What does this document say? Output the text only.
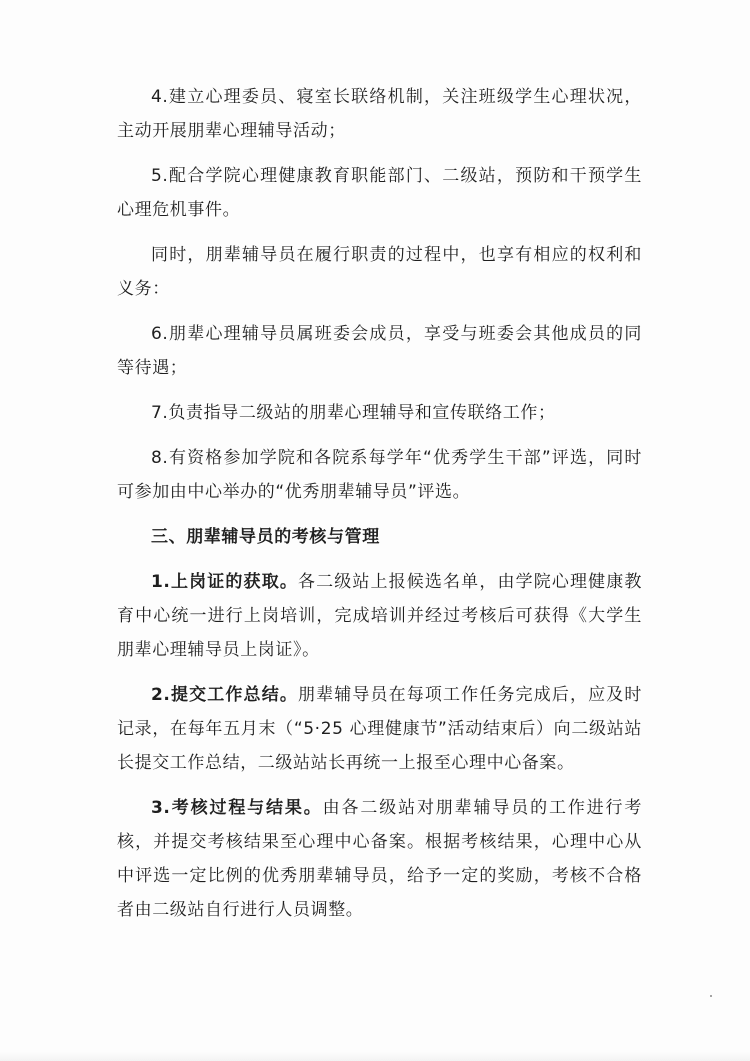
4.建立心理委员、寝室长联络机制，关注班级学生心理状况，主动开展朋辈心理辅导活动；

5.配合学院心理健康教育职能部门、二级站，预防和干预学生心理危机事件。

同时，朋辈辅导员在履行职责的过程中，也享有相应的权利和义务：

6.朋辈心理辅导员属班委会成员，享受与班委会其他成员的同等待遇；

7.负责指导二级站的朋辈心理辅导和宣传联络工作；

8.有资格参加学院和各院系每学年“优秀学生干部”评选，同时可参加由中心举办的“优秀朋辈辅导员”评选。

三、朋辈辅导员的考核与管理

1.上岗证的获取。各二级站上报候选名单，由学院心理健康教育中心统一进行上岗培训，完成培训并经过考核后可获得《大学生朋辈心理辅导员上岗证》。

2.提交工作总结。朋辈辅导员在每项工作任务完成后，应及时记录，在每年五月末（“5·25 心理健康节”活动结束后）向二级站站长提交工作总结，二级站站长再统一上报至心理中心备案。

3.考核过程与结果。由各二级站对朋辈辅导员的工作进行考核，并提交考核结果至心理中心备案。根据考核结果，心理中心从中评选一定比例的优秀朋辈辅导员，给予一定的奖励，考核不合格者由二级站自行进行人员调整。
